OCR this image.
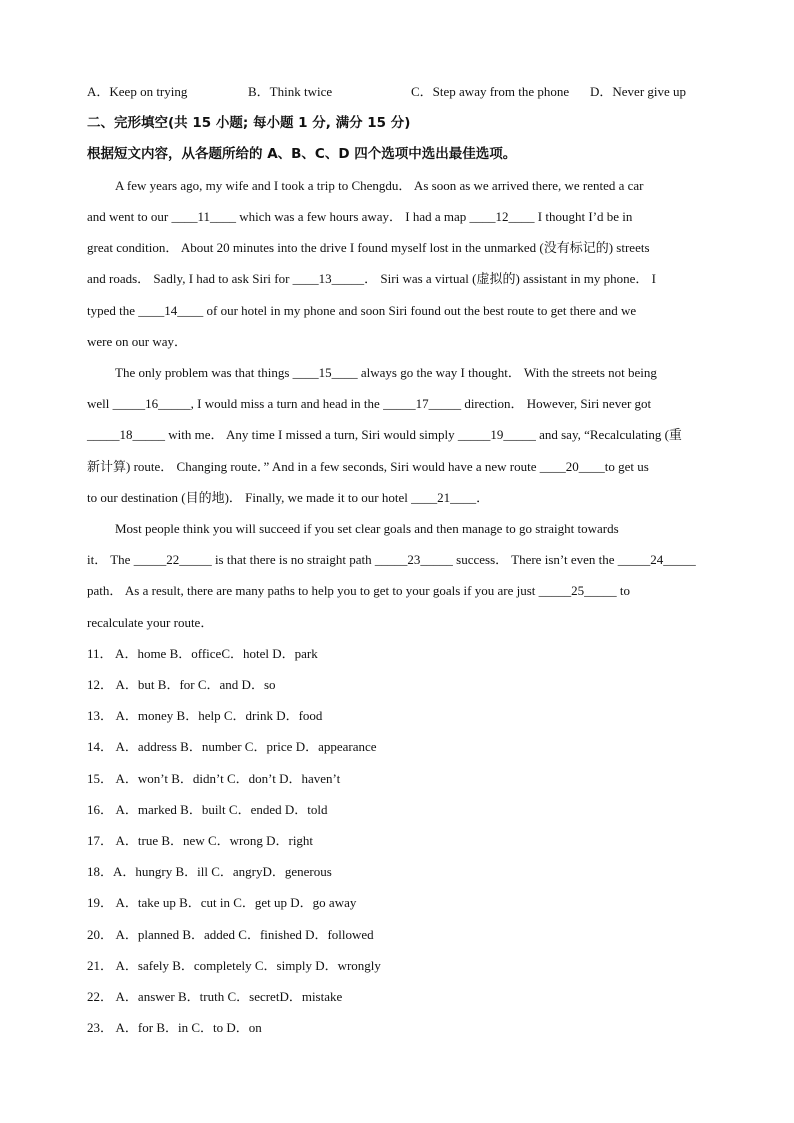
A．Keep on trying	B．Think twice	C．Step away from the phone D．Never give up
二、完形填空(共 15 小题; 每小题 1 分, 满分 15 分)
根据短文内容，从各题所给的 A、B、C、D 四个选项中选出最佳选项。
A few years ago, my wife and I took a trip to Chengdu． As soon as we arrived there, we rented a car
and went to our ____11____ which was a few hours away． I had a map ____12____ I thought I’d be in
great condition． About 20 minutes into the drive I found myself lost in the unmarked (没有标记的) streets
and roads． Sadly, I had to ask Siri for ____13_____． Siri was a virtual (虚拟的) assistant in my phone． I
typed the ____14____ of our hotel in my phone and soon Siri found out the best route to get there and we
were on our way．
The only problem was that things ____15____ always go the way I thought． With the streets not being
well _____16_____, I would miss a turn and head in the _____17_____ direction． However, Siri never got
_____18_____ with me． Any time I missed a turn, Siri would simply _____19_____ and say, “Recalculating (重
新计算) route． Changing route．” And in a few seconds, Siri would have a new route ____20____to get us
to our destination (目的地)． Finally, we made it to our hotel ____21____．
Most people think you will succeed if you set clear goals and then manage to go straight towards
it． The _____22_____ is that there is no straight path _____23_____ success． There isn’t even the _____24_____
path． As a result, there are many paths to help you to get to your goals if you are just _____25_____ to
recalculate your route．
11． A．home B．officeC．hotel D．park
12． A．but B．for C．and D．so
13． A．money B．help C．drink D．food
14． A．address B．number C．price D．appearance
15． A．won’t B．didn’t C．don’t D．haven’t
16． A．marked B．built C．ended D．told
17． A．true B．new C．wrong D．right
18．A．hungry B．ill C．angryD．generous
19． A．take up B．cut in C．get up D．go away
20． A．planned B．added C．finished D．followed
21． A．safely B．completely C．simply D．wrongly
22． A．answer B．truth C．secretD．mistake
23． A．for B．in C．to D．on
